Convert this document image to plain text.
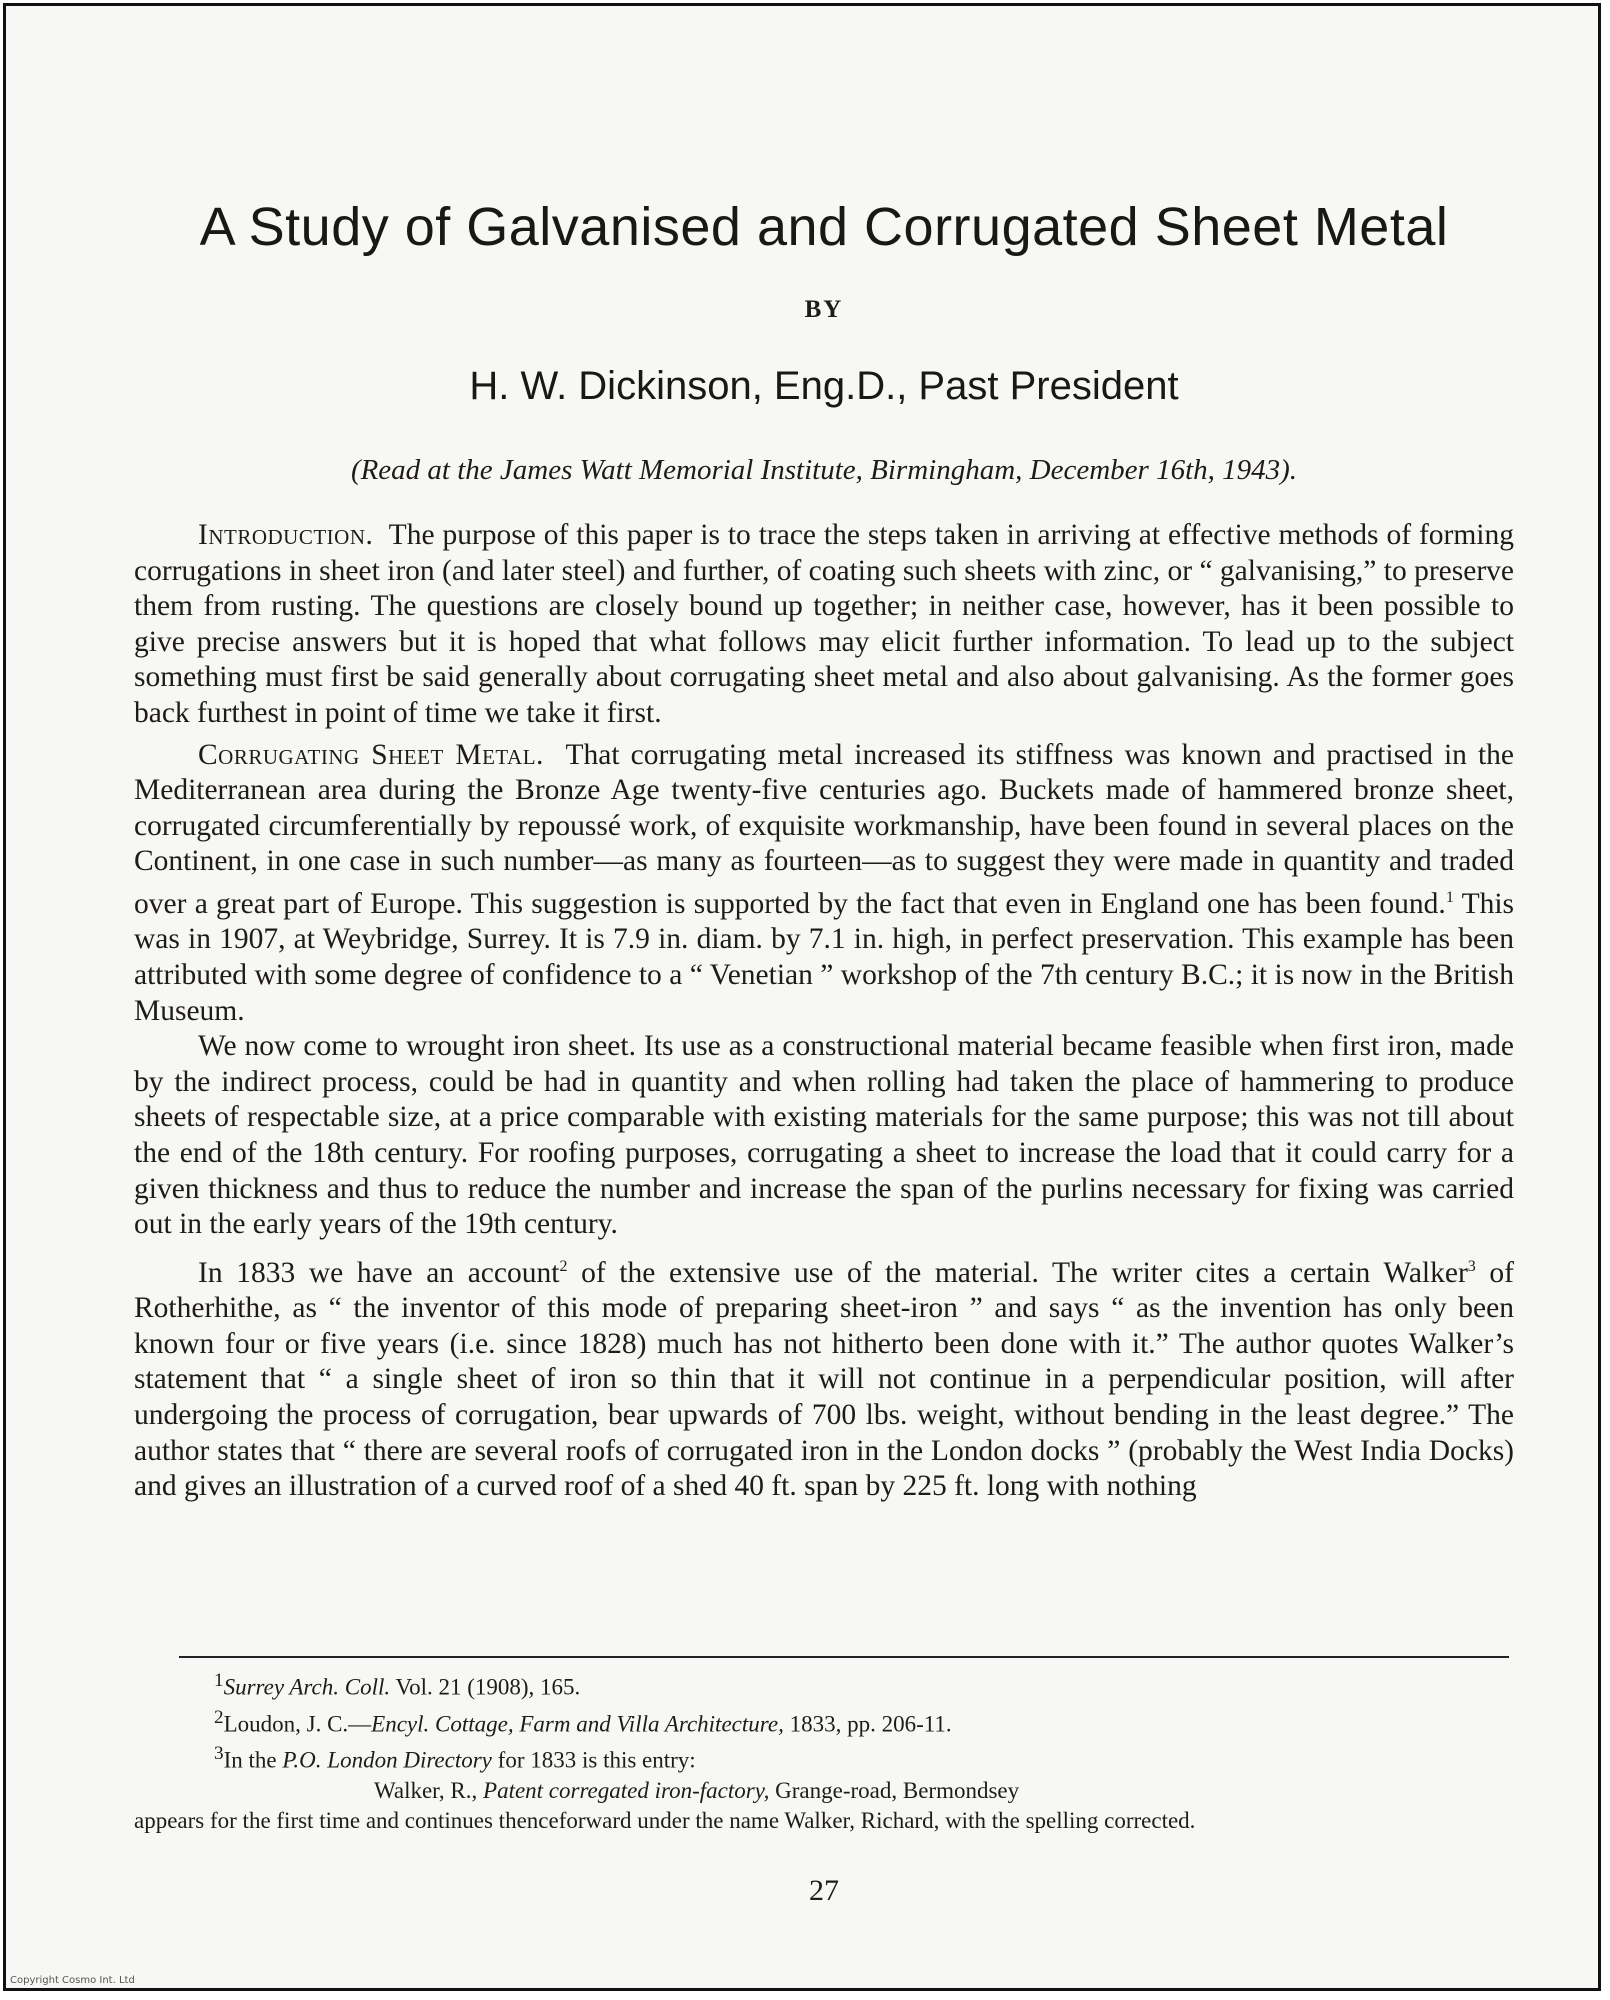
A Study of Galvanised and Corrugated Sheet Metal
BY
H. W. Dickinson, Eng.D., Past President
(Read at the James Watt Memorial Institute, Birmingham, December 16th, 1943).

Introduction. The purpose of this paper is to trace the steps taken in arriving at effective methods of forming corrugations in sheet iron (and later steel) and further, of coating such sheets with zinc, or “ galvanising,” to preserve them from rusting. The questions are closely bound up together; in neither case, however, has it been possible to give precise answers but it is hoped that what follows may elicit further information. To lead up to the subject something must first be said generally about corrugating sheet metal and also about galvanising. As the former goes back furthest in point of time we take it first.

Corrugating Sheet Metal. That corrugating metal increased its stiffness was known and practised in the Mediterranean area during the Bronze Age twenty-five centuries ago. Buckets made of hammered bronze sheet, corrugated circumferentially by repoussé work, of exquisite workmanship, have been found in several places on the Continent, in one case in such number—as many as fourteen—as to suggest they were made in quantity and traded over a great part of Europe. This suggestion is supported by the fact that even in England one has been found.$^1$ This was in 1907, at Weybridge, Surrey. It is 7.9 in. diam. by 7.1 in. high, in perfect preservation. This example has been attributed with some degree of confidence to a “ Venetian ” workshop of the 7th century B.C.; it is now in the British Museum.

We now come to wrought iron sheet. Its use as a constructional material became feasible when first iron, made by the indirect process, could be had in quantity and when rolling had taken the place of hammering to produce sheets of respectable size, at a price comparable with existing materials for the same purpose; this was not till about the end of the 18th century. For roofing purposes, corrugating a sheet to increase the load that it could carry for a given thickness and thus to reduce the number and increase the span of the purlins necessary for fixing was carried out in the early years of the 19th century.

In 1833 we have an account$^2$ of the extensive use of the material. The writer cites a certain Walker$^3$ of Rotherhithe, as “ the inventor of this mode of preparing sheet-iron ” and says “ as the invention has only been known four or five years (i.e. since 1828) much has not hitherto been done with it.” The author quotes Walker’s statement that “ a single sheet of iron so thin that it will not continue in a perpendicular position, will after undergoing the process of corrugation, bear upwards of 700 lbs. weight, without bending in the least degree.” The author states that “ there are several roofs of corrugated iron in the London docks ” (probably the West India Docks) and gives an illustration of a curved roof of a shed 40 ft. span by 225 ft. long with nothing

$^1$Surrey Arch. Coll. Vol. 21 (1908), 165.
$^2$Loudon, J. C.—Encyl. Cottage, Farm and Villa Architecture, 1833, pp. 206-11.
$^3$In the P.O. London Directory for 1833 is this entry:
Walker, R., Patent corregated iron-factory, Grange-road, Bermondsey
appears for the first time and continues thenceforward under the name Walker, Richard, with the spelling corrected.
27
Copyright Cosmo Int. Ltd
